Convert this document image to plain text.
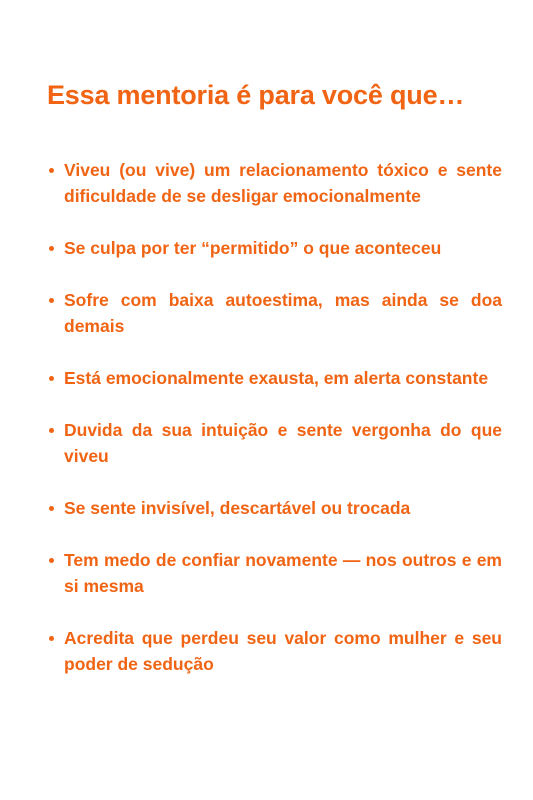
Essa mentoria é para você que…
Viveu (ou vive) um relacionamento tóxico e sente dificuldade de se desligar emocionalmente
Se culpa por ter “permitido” o que aconteceu
Sofre com baixa autoestima, mas ainda se doa demais
Está emocionalmente exausta, em alerta constante
Duvida da sua intuição e sente vergonha do que viveu
Se sente invisível, descartável ou trocada
Tem medo de confiar novamente — nos outros e em si mesma
Acredita que perdeu seu valor como mulher e seu poder de sedução
